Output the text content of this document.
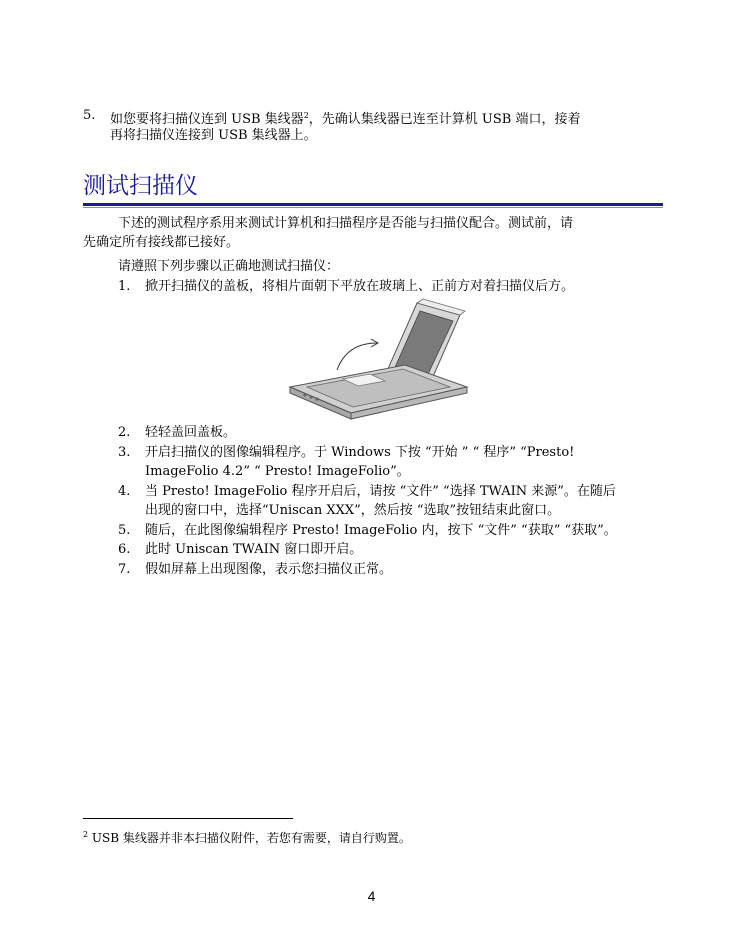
5. 如您要将扫描仪连到 USB 集线器$^2$，先确认集线器已连至计算机 USB 端口，接着
再将扫描仪连接到 USB 集线器上。
测试扫描仪
下述的测试程序系用来测试计算机和扫描程序是否能与扫描仪配合。测试前，请
先确定所有接线都已接好。
请遵照下列步骤以正确地测试扫描仪：
1. 掀开扫描仪的盖板，将相片面朝下平放在玻璃上、正前方对着扫描仪后方。
2. 轻轻盖回盖板。
3. 开启扫描仪的图像编辑程序。于 Windows 下按 “开始 ” “ 程序” “Presto!
ImageFolio 4.2” “ Presto! ImageFolio”。
4. 当 Presto! ImageFolio 程序开启后，请按 “文件” “选择 TWAIN 来源”。在随后
出现的窗口中，选择“Uniscan XXX”，然后按 “选取”按钮结束此窗口。
5. 随后，在此图像编辑程序 Presto! ImageFolio 内，按下 “文件” “获取” “获取”。
6. 此时 Uniscan TWAIN 窗口即开启。
7. 假如屏幕上出现图像，表示您扫描仪正常。
$^2$ USB 集线器并非本扫描仪附件，若您有需要，请自行购置。
4
